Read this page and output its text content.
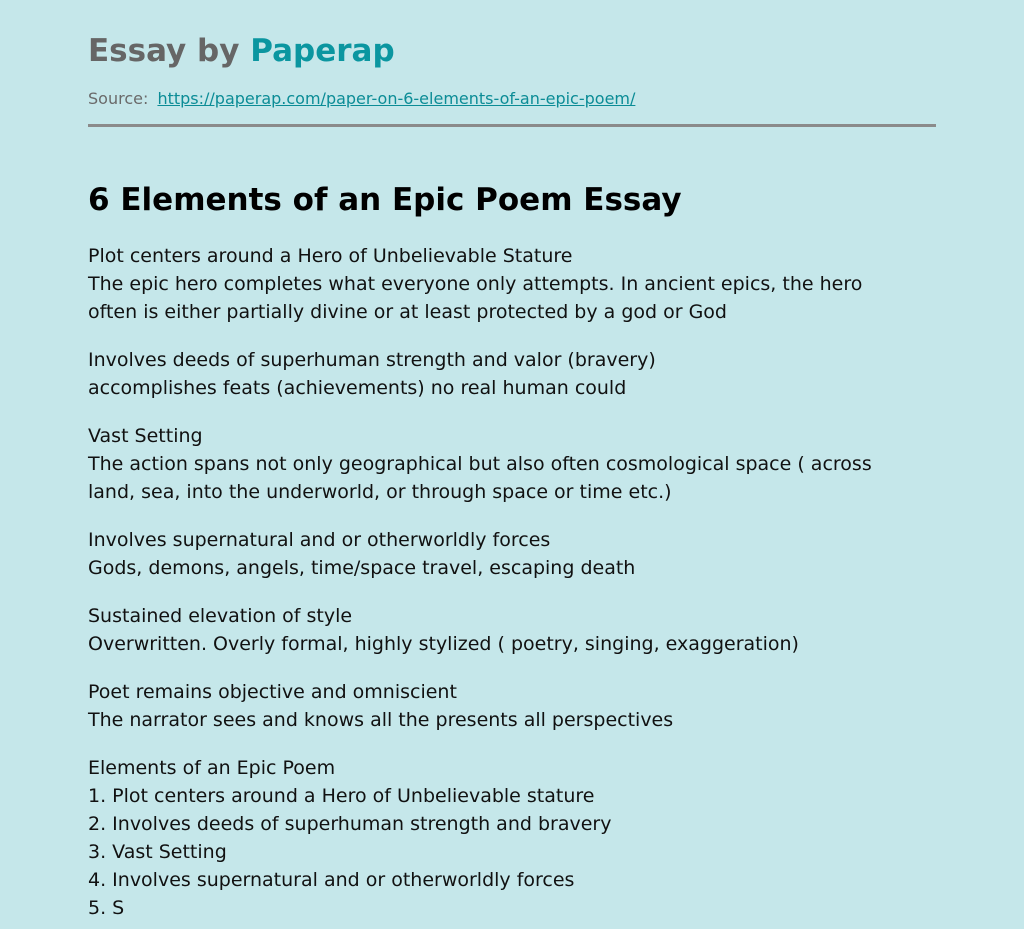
Essay by Paperap
Source: https://paperap.com/paper-on-6-elements-of-an-epic-poem/
6 Elements of an Epic Poem Essay
Plot centers around a Hero of Unbelievable Stature
The epic hero completes what everyone only attempts. In ancient epics, the hero
often is either partially divine or at least protected by a god or God
Involves deeds of superhuman strength and valor (bravery)
accomplishes feats (achievements) no real human could
Vast Setting
The action spans not only geographical but also often cosmological space ( across
land, sea, into the underworld, or through space or time etc.)
Involves supernatural and or otherworldly forces
Gods, demons, angels, time/space travel, escaping death
Sustained elevation of style
Overwritten. Overly formal, highly stylized ( poetry, singing, exaggeration)
Poet remains objective and omniscient
The narrator sees and knows all the presents all perspectives
Elements of an Epic Poem
1. Plot centers around a Hero of Unbelievable stature
2. Involves deeds of superhuman strength and bravery
3. Vast Setting
4. Involves supernatural and or otherworldly forces
5. S
